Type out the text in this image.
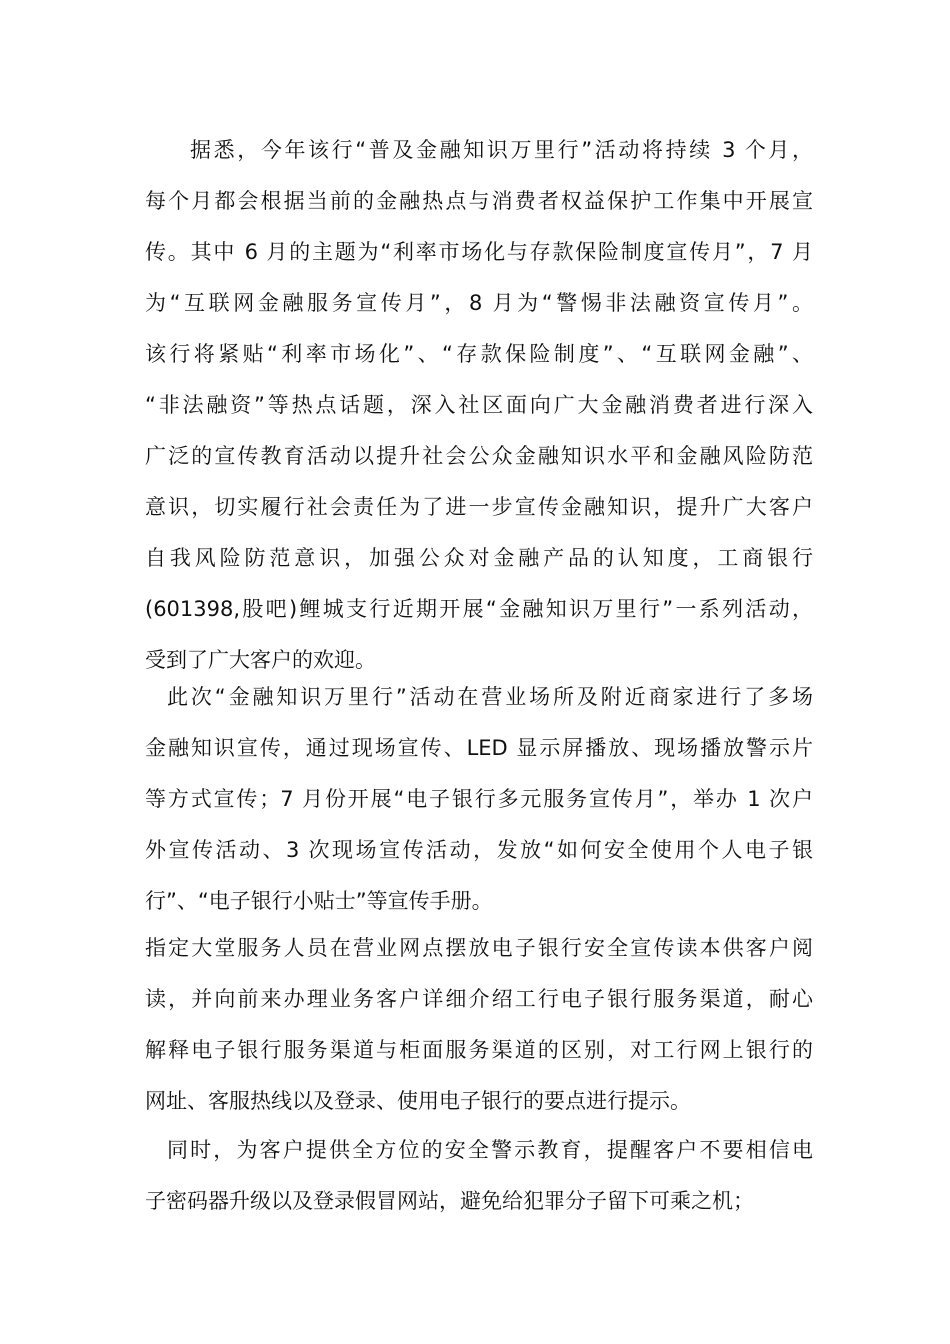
据悉，今年该行“普及金融知识万里行”活动将持续 3 个月，
每个月都会根据当前的金融热点与消费者权益保护工作集中开展宣
传。其中 6 月的主题为“利率市场化与存款保险制度宣传月”，7 月
为“互联网金融服务宣传月”，8 月为“警惕非法融资宣传月”。
该行将紧贴“利率市场化”、“存款保险制度”、“互联网金融”、
“非法融资”等热点话题，深入社区面向广大金融消费者进行深入
广泛的宣传教育活动以提升社会公众金融知识水平和金融风险防范
意识，切实履行社会责任为了进一步宣传金融知识，提升广大客户
自我风险防范意识，加强公众对金融产品的认知度，工商银行
(601398,股吧)鲤城支行近期开展“金融知识万里行”一系列活动，
受到了广大客户的欢迎。
此次“金融知识万里行”活动在营业场所及附近商家进行了多场
金融知识宣传，通过现场宣传、LED 显示屏播放、现场播放警示片
等方式宣传；7 月份开展“电子银行多元服务宣传月”，举办 1 次户
外宣传活动、3 次现场宣传活动，发放“如何安全使用个人电子银
行”、“电子银行小贴士”等宣传手册。
指定大堂服务人员在营业网点摆放电子银行安全宣传读本供客户阅
读，并向前来办理业务客户详细介绍工行电子银行服务渠道，耐心
解释电子银行服务渠道与柜面服务渠道的区别，对工行网上银行的
网址、客服热线以及登录、使用电子银行的要点进行提示。
同时，为客户提供全方位的安全警示教育，提醒客户不要相信电
子密码器升级以及登录假冒网站，避免给犯罪分子留下可乘之机；
